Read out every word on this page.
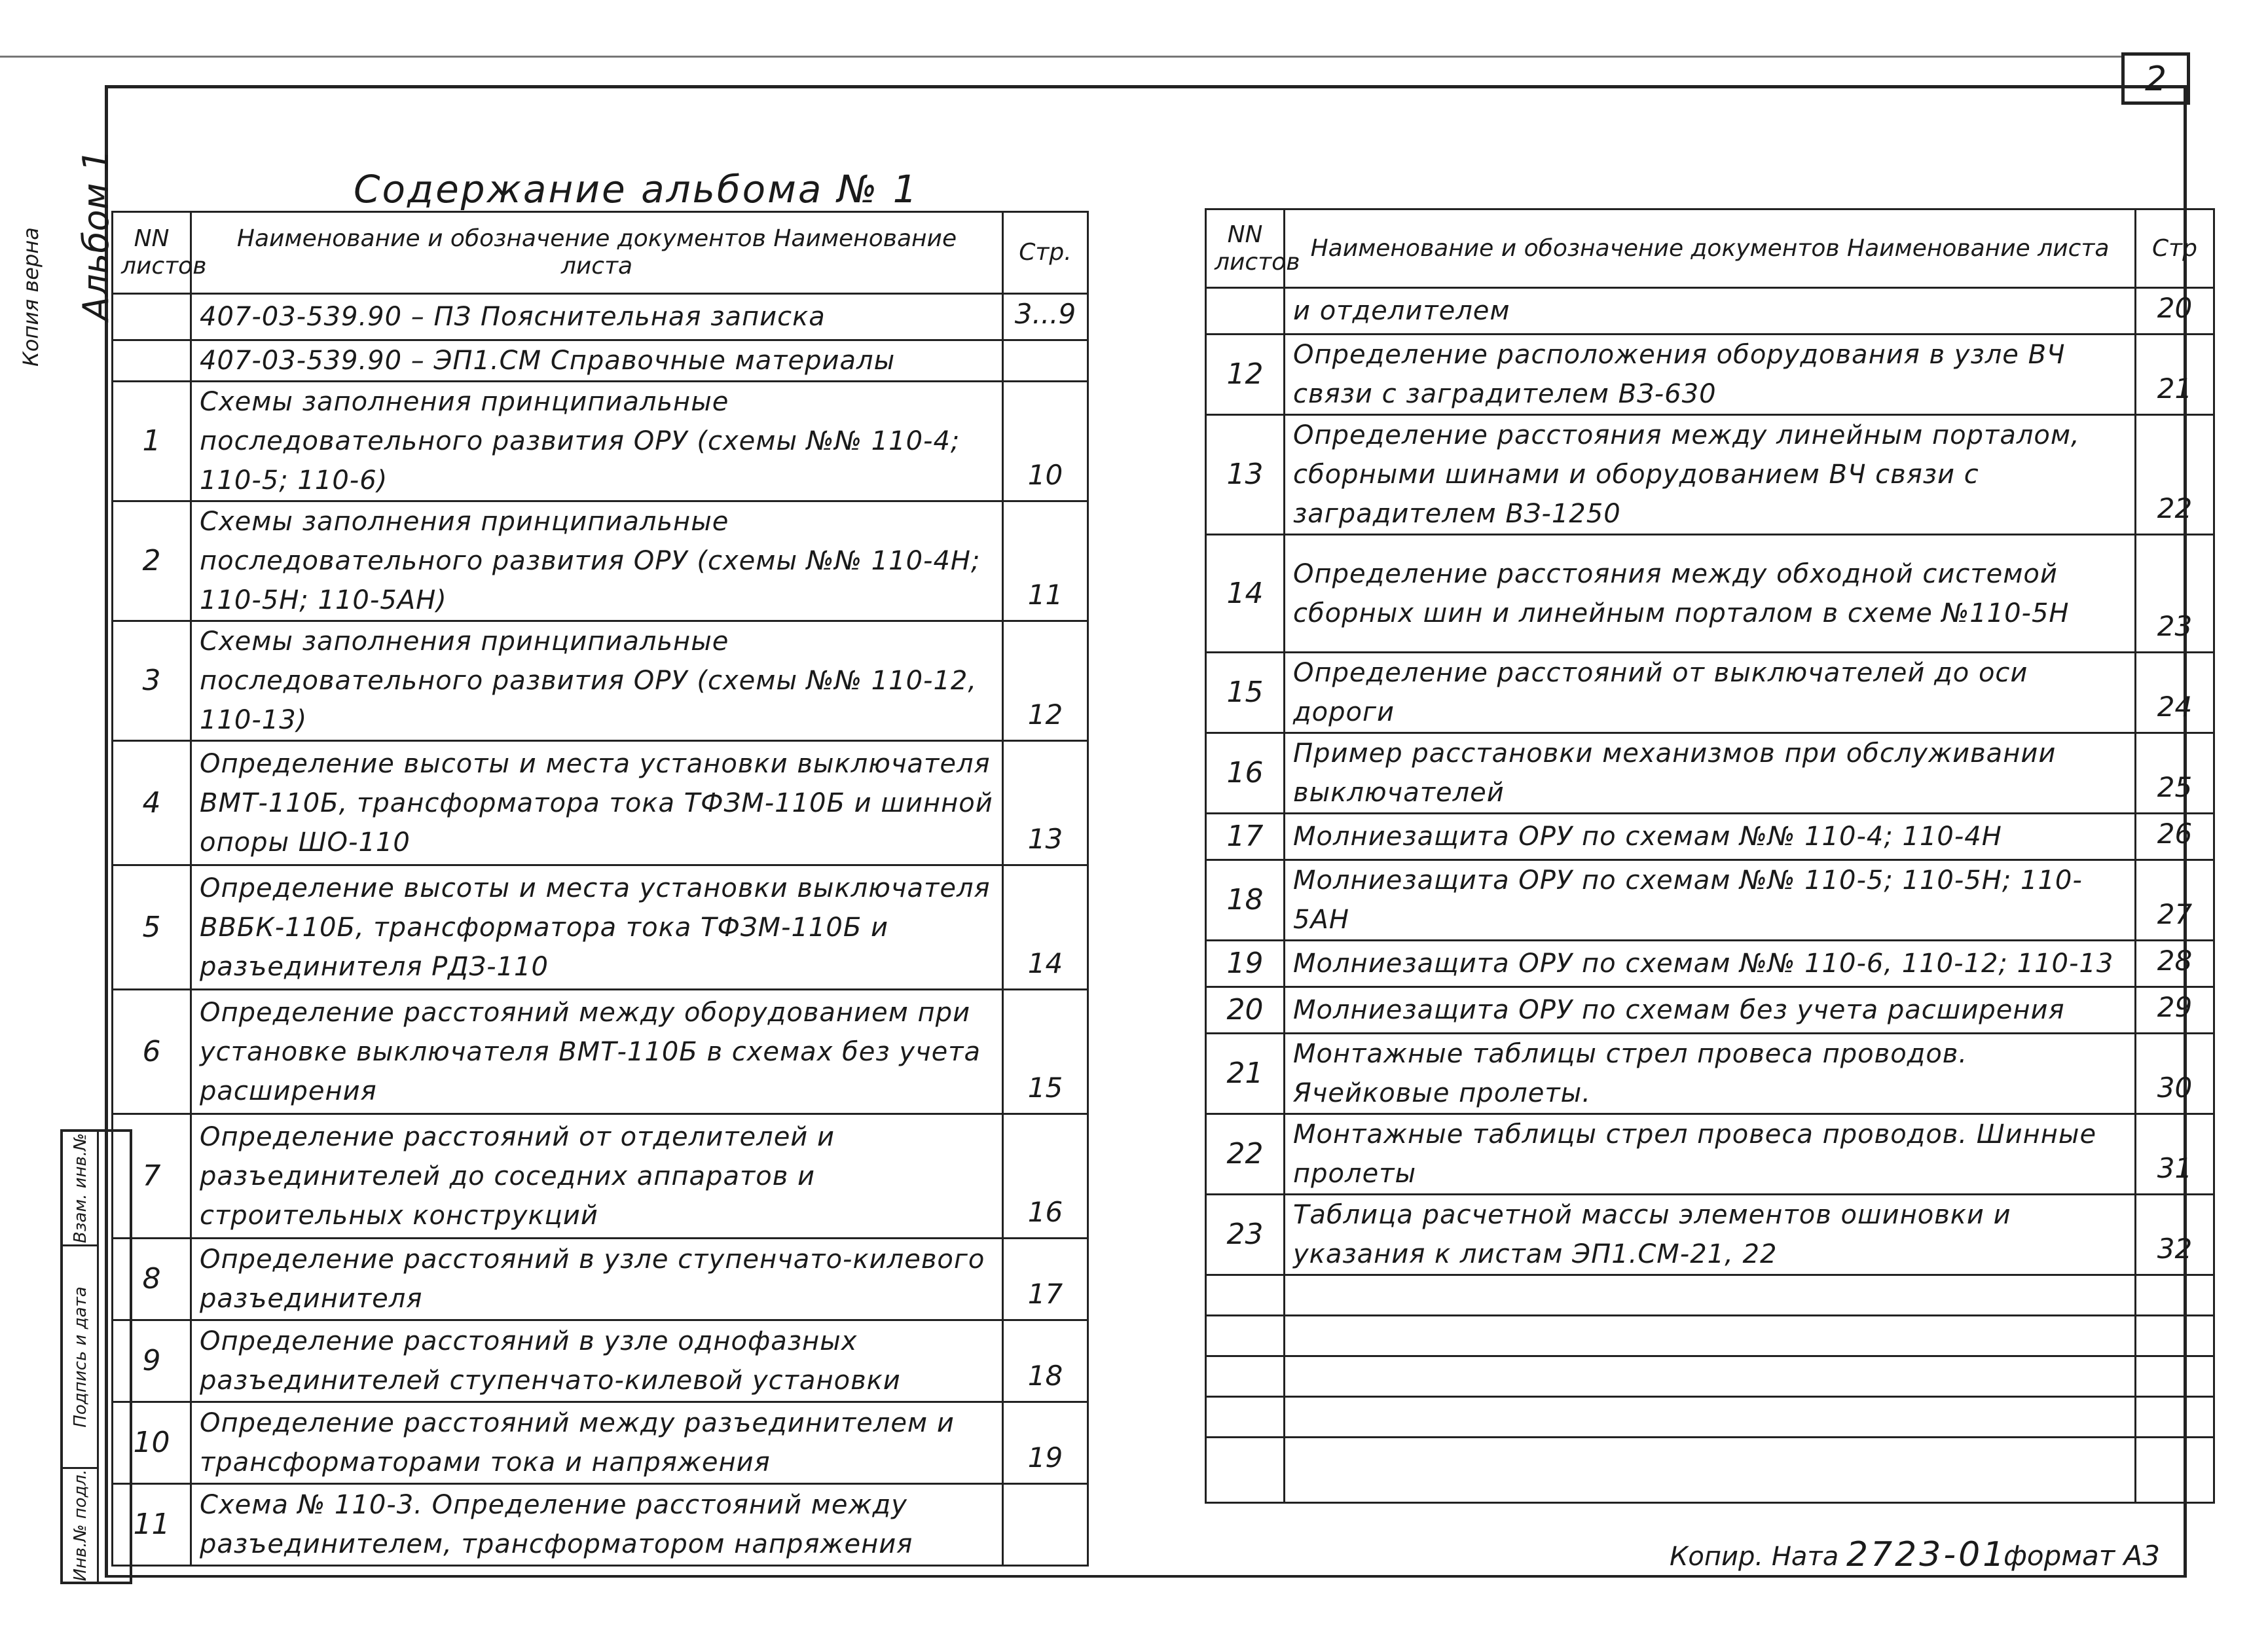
2
Копия верна Альбом 1
Взам. инв.№
Подпись и дата
Инв.№ подл.
Содержание альбома № 1
NN листов	Наименование и обозначение документов Наименование листа	Стр.
	407-03-539.90 – ПЗ Пояснительная записка	3...9
	407-03-539.90 – ЭП1.СМ Справочные материалы	
1	Схемы заполнения принципиальные последовательного развития ОРУ (схемы №№ 110-4; 110-5; 110-6)	10
2	Схемы заполнения принципиальные последовательного развития ОРУ (схемы №№ 110-4Н; 110-5Н; 110-5АН)	11
3	Схемы заполнения принципиальные последовательного развития ОРУ (схемы №№ 110-12, 110-13)	12
4	Определение высоты и места установки выключателя ВМТ-110Б, трансформатора тока ТФЗМ-110Б и шинной опоры ШО-110	13
5	Определение высоты и места установки выключателя ВВБК-110Б, трансформатора тока ТФЗМ-110Б и разъединителя РДЗ-110	14
6	Определение расстояний между оборудованием при установке выключателя ВМТ-110Б в схемах без учета расширения	15
7	Определение расстояний от отделителей и разъединителей до соседних аппаратов и строительных конструкций	16
8	Определение расстояний в узле ступенчато-килевого разъединителя	17
9	Определение расстояний в узле однофазных разъединителей ступенчато-килевой установки	18
10	Определение расстояний между разъединителем и трансформаторами тока и напряжения	19
11	Схема № 110-3. Определение расстояний между разъединителем, трансформатором напряжения	
NN листов	Наименование и обозначение документов Наименование листа	Стр
	и отделителем	20
12	Определение расположения оборудования в узле ВЧ связи с заградителем ВЗ-630	21
13	Определение расстояния между линейным порталом, сборными шинами и оборудованием ВЧ связи с заградителем ВЗ-1250	22
14	Определение расстояния между обходной системой сборных шин и линейным порталом в схеме №110-5Н	23
15	Определение расстояний от выключателей до оси дороги	24
16	Пример расстановки механизмов при обслуживании выключателей	25
17	Молниезащита ОРУ по схемам №№ 110-4; 110-4Н	26
18	Молниезащита ОРУ по схемам №№ 110-5; 110-5Н; 110-5АН	27
19	Молниезащита ОРУ по схемам №№ 110-6, 110-12; 110-13	28
20	Молниезащита ОРУ по схемам без учета расширения	29
21	Монтажные таблицы стрел провеса проводов. Ячейковые пролеты.	30
22	Монтажные таблицы стрел провеса проводов. Шинные пролеты	31
23	Таблица расчетной массы элементов ошиновки и указания к листам ЭП1.СМ-21, 22	32

Копир. Ната 2723-01
формат А3
